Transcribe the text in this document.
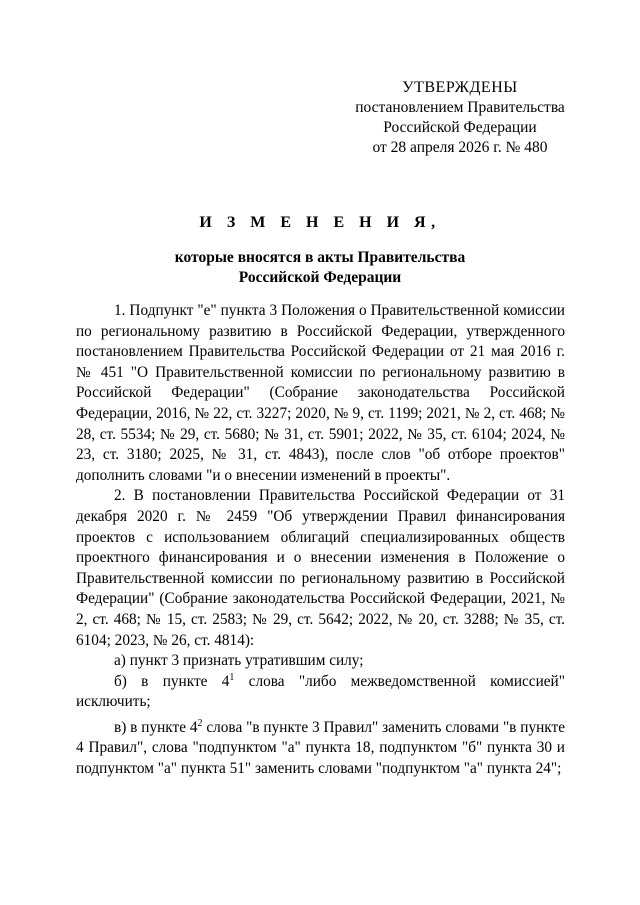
УТВЕРЖДЕНЫ
постановлением Правительства
Российской Федерации
от 28 апреля 2026 г. № 480
И З М Е Н Е Н И Я,
которые вносятся в акты Правительства
Российской Федерации

1. Подпункт "е" пункта 3 Положения о Правительственной комиссии по региональному развитию в Российской Федерации, утвержденного постановлением Правительства Российской Федерации от 21 мая 2016 г. № 451 "О Правительственной комиссии по региональному развитию в Российской Федерации" (Собрание законодательства Российской Федерации, 2016, № 22, ст. 3227; 2020, № 9, ст. 1199; 2021, № 2, ст. 468; № 28, ст. 5534; № 29, ст. 5680; № 31, ст. 5901; 2022, № 35, ст. 6104; 2024, № 23, ст. 3180; 2025, № 31, ст. 4843), после слов "об отборе проектов" дополнить словами "и о внесении изменений в проекты".

2. В постановлении Правительства Российской Федерации от 31 декабря 2020 г. № 2459 "Об утверждении Правил финансирования проектов с использованием облигаций специализированных обществ проектного финансирования и о внесении изменения в Положение о Правительственной комиссии по региональному развитию в Российской Федерации" (Собрание законодательства Российской Федерации, 2021, № 2, ст. 468; № 15, ст. 2583; № 29, ст. 5642; 2022, № 20, ст. 3288; № 35, ст. 6104; 2023, № 26, ст. 4814):

а) пункт 3 признать утратившим силу;

б) в пункте $4^1$ слова "либо межведомственной комиссией" исключить;

в) в пункте $4^2$ слова "в пункте 3 Правил" заменить словами "в пункте 4 Правил", слова "подпунктом "а" пункта 18, подпунктом "б" пункта 30 и подпунктом "а" пункта 51" заменить словами "подпунктом "а" пункта 24";
